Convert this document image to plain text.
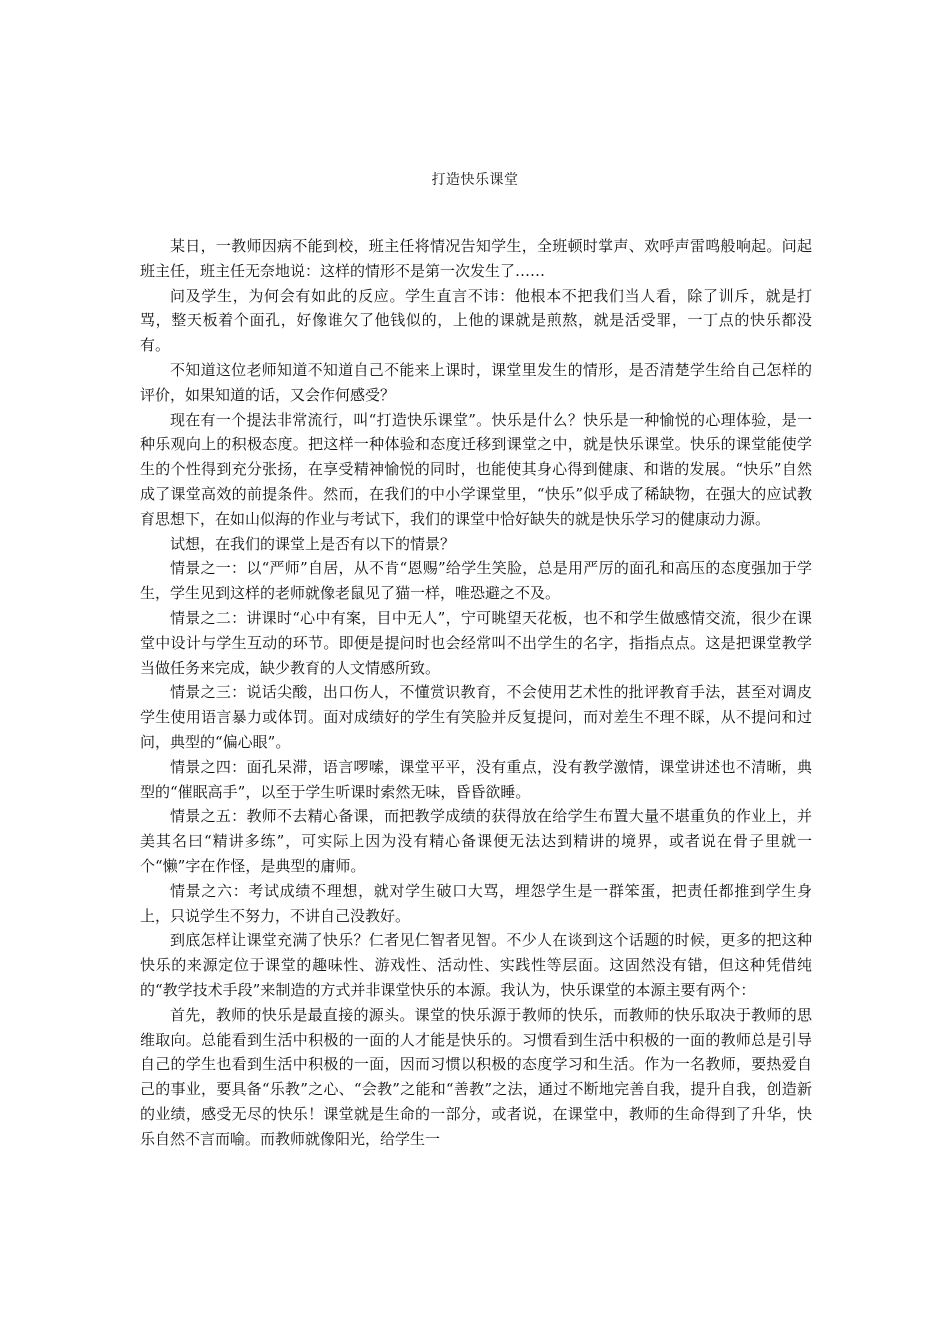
打造快乐课堂

某日，一教师因病不能到校，班主任将情况告知学生，全班顿时掌声、欢呼声雷鸣般响起。问起班主任，班主任无奈地说：这样的情形不是第一次发生了……

问及学生，为何会有如此的反应。学生直言不讳：他根本不把我们当人看，除了训斥，就是打骂，整天板着个面孔，好像谁欠了他钱似的，上他的课就是煎熬，就是活受罪，一丁点的快乐都没有。

不知道这位老师知道不知道自己不能来上课时，课堂里发生的情形，是否清楚学生给自己怎样的评价，如果知道的话，又会作何感受？

现在有一个提法非常流行，叫“打造快乐课堂”。快乐是什么？快乐是一种愉悦的心理体验，是一种乐观向上的积极态度。把这样一种体验和态度迁移到课堂之中，就是快乐课堂。快乐的课堂能使学生的个性得到充分张扬，在享受精神愉悦的同时，也能使其身心得到健康、和谐的发展。“快乐”自然成了课堂高效的前提条件。然而，在我们的中小学课堂里，“快乐”似乎成了稀缺物，在强大的应试教育思想下，在如山似海的作业与考试下，我们的课堂中恰好缺失的就是快乐学习的健康动力源。

试想，在我们的课堂上是否有以下的情景？

情景之一：以“严师”自居，从不肯“恩赐”给学生笑脸，总是用严厉的面孔和高压的态度强加于学生，学生见到这样的老师就像老鼠见了猫一样，唯恐避之不及。

情景之二：讲课时“心中有案，目中无人”，宁可眺望天花板，也不和学生做感情交流，很少在课堂中设计与学生互动的环节。即便是提问时也会经常叫不出学生的名字，指指点点。这是把课堂教学当做任务来完成，缺少教育的人文情感所致。

情景之三：说话尖酸，出口伤人，不懂赏识教育，不会使用艺术性的批评教育手法，甚至对调皮学生使用语言暴力或体罚。面对成绩好的学生有笑脸并反复提问，而对差生不理不睬，从不提问和过问，典型的“偏心眼”。

情景之四：面孔呆滞，语言啰嗦，课堂平平，没有重点，没有教学激情，课堂讲述也不清晰，典型的“催眠高手”，以至于学生听课时索然无味，昏昏欲睡。

情景之五：教师不去精心备课，而把教学成绩的获得放在给学生布置大量不堪重负的作业上，并美其名曰“精讲多练”，可实际上因为没有精心备课便无法达到精讲的境界，或者说在骨子里就一个“懒”字在作怪，是典型的庸师。

情景之六：考试成绩不理想，就对学生破口大骂，埋怨学生是一群笨蛋，把责任都推到学生身上，只说学生不努力，不讲自己没教好。

到底怎样让课堂充满了快乐？仁者见仁智者见智。不少人在谈到这个话题的时候，更多的把这种快乐的来源定位于课堂的趣味性、游戏性、活动性、实践性等层面。这固然没有错，但这种凭借纯的“教学技术手段”来制造的方式并非课堂快乐的本源。我认为，快乐课堂的本源主要有两个：

首先，教师的快乐是最直接的源头。课堂的快乐源于教师的快乐，而教师的快乐取决于教师的思维取向。总能看到生活中积极的一面的人才能是快乐的。习惯看到生活中积极的一面的教师总是引导自己的学生也看到生活中积极的一面，因而习惯以积极的态度学习和生活。作为一名教师，要热爱自己的事业，要具备“乐教”之心、“会教”之能和“善教”之法，通过不断地完善自我，提升自我，创造新的业绩，感受无尽的快乐！课堂就是生命的一部分，或者说，在课堂中，教师的生命得到了升华，快乐自然不言而喻。而教师就像阳光，给学生一
